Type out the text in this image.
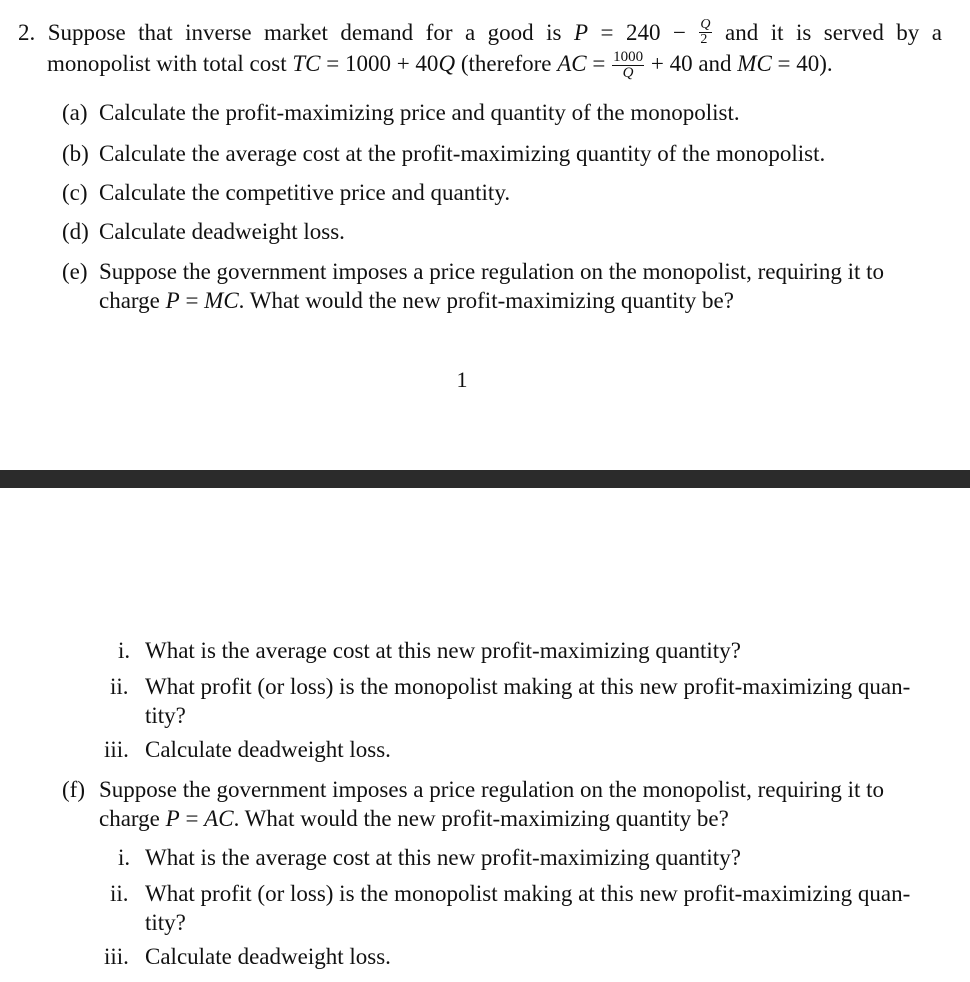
2. Suppose that inverse market demand for a good is $P = 240 - \frac{Q}{2}$ and it is served by a
monopolist with total cost TC = 1000 + 40Q (therefore AC = $\frac{1000}{Q} + 40$ and MC = 40).
(a) Calculate the profit-maximizing price and quantity of the monopolist.
(b) Calculate the average cost at the profit-maximizing quantity of the monopolist.
(c) Calculate the competitive price and quantity.
(d) Calculate deadweight loss.
(e) Suppose the government imposes a price regulation on the monopolist, requiring it to
charge P = MC. What would the new profit-maximizing quantity be?
1
i. What is the average cost at this new profit-maximizing quantity?
ii. What profit (or loss) is the monopolist making at this new profit-maximizing quan-
tity?
iii. Calculate deadweight loss.
(f) Suppose the government imposes a price regulation on the monopolist, requiring it to
charge P = AC. What would the new profit-maximizing quantity be?
i. What is the average cost at this new profit-maximizing quantity?
ii. What profit (or loss) is the monopolist making at this new profit-maximizing quan-
tity?
iii. Calculate deadweight loss.
